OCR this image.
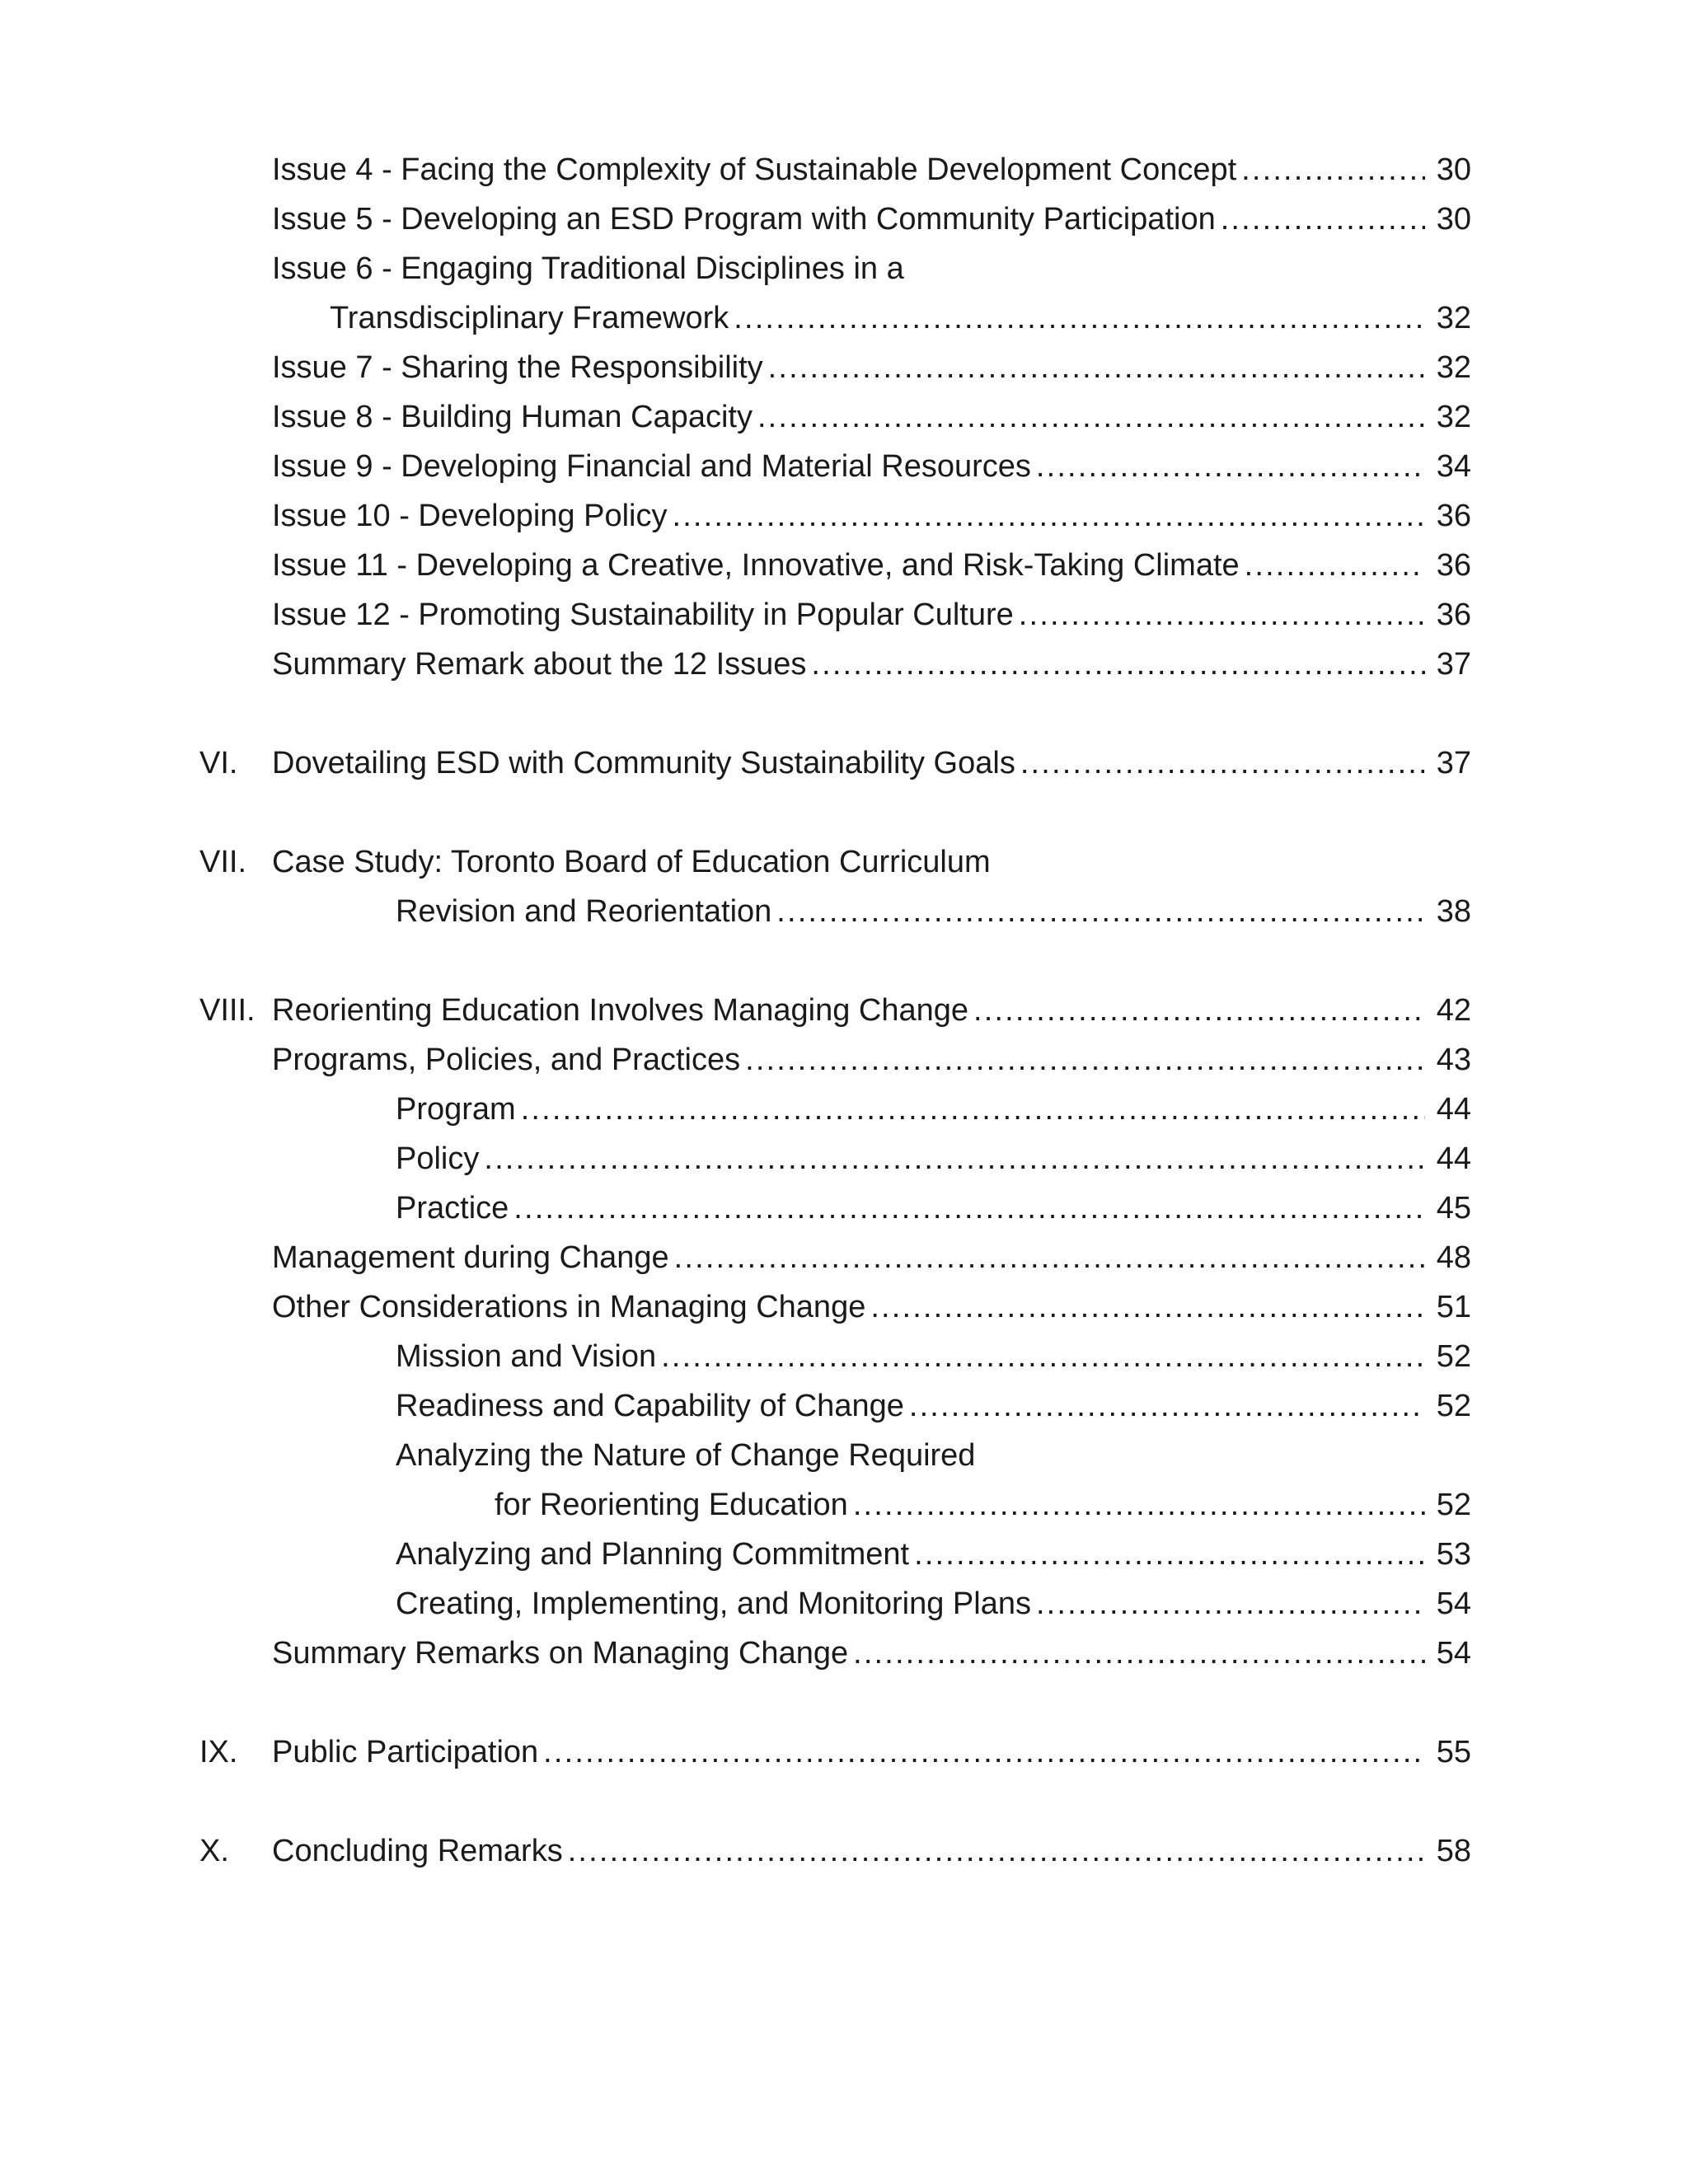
Issue 4 - Facing the Complexity of Sustainable Development Concept . . .	30
Issue 5 - Developing an ESD Program with Community Participation . . .	30
Issue 6 - Engaging Traditional Disciplines in a
Transdisciplinary Framework . . .	32
Issue 7 - Sharing the Responsibility . . .	32
Issue 8 - Building Human Capacity . . .	32
Issue 9 - Developing Financial and Material Resources . . .	34
Issue 10 - Developing Policy . . .	36
Issue 11 - Developing a Creative, Innovative, and Risk-Taking Climate . . .	36
Issue 12 - Promoting Sustainability in Popular Culture . . .	36
Summary Remark about the 12 Issues . . .	37
VI. Dovetailing ESD with Community Sustainability Goals . . .	37
VII. Case Study: Toronto Board of Education Curriculum
Revision and Reorientation . . .	38
VIII. Reorienting Education Involves Managing Change . . .	42
Programs, Policies, and Practices . . .	43
Program . . .	44
Policy . . .	44
Practice . . .	45
Management during Change . . .	48
Other Considerations in Managing Change . . .	51
Mission and Vision . . .	52
Readiness and Capability of Change . . .	52
Analyzing the Nature of Change Required
for Reorienting Education . . .	52
Analyzing and Planning Commitment . . .	53
Creating, Implementing, and Monitoring Plans . . .	54
Summary Remarks on Managing Change . . .	54
IX. Public Participation . . .	55
X. Concluding Remarks . . .	58
